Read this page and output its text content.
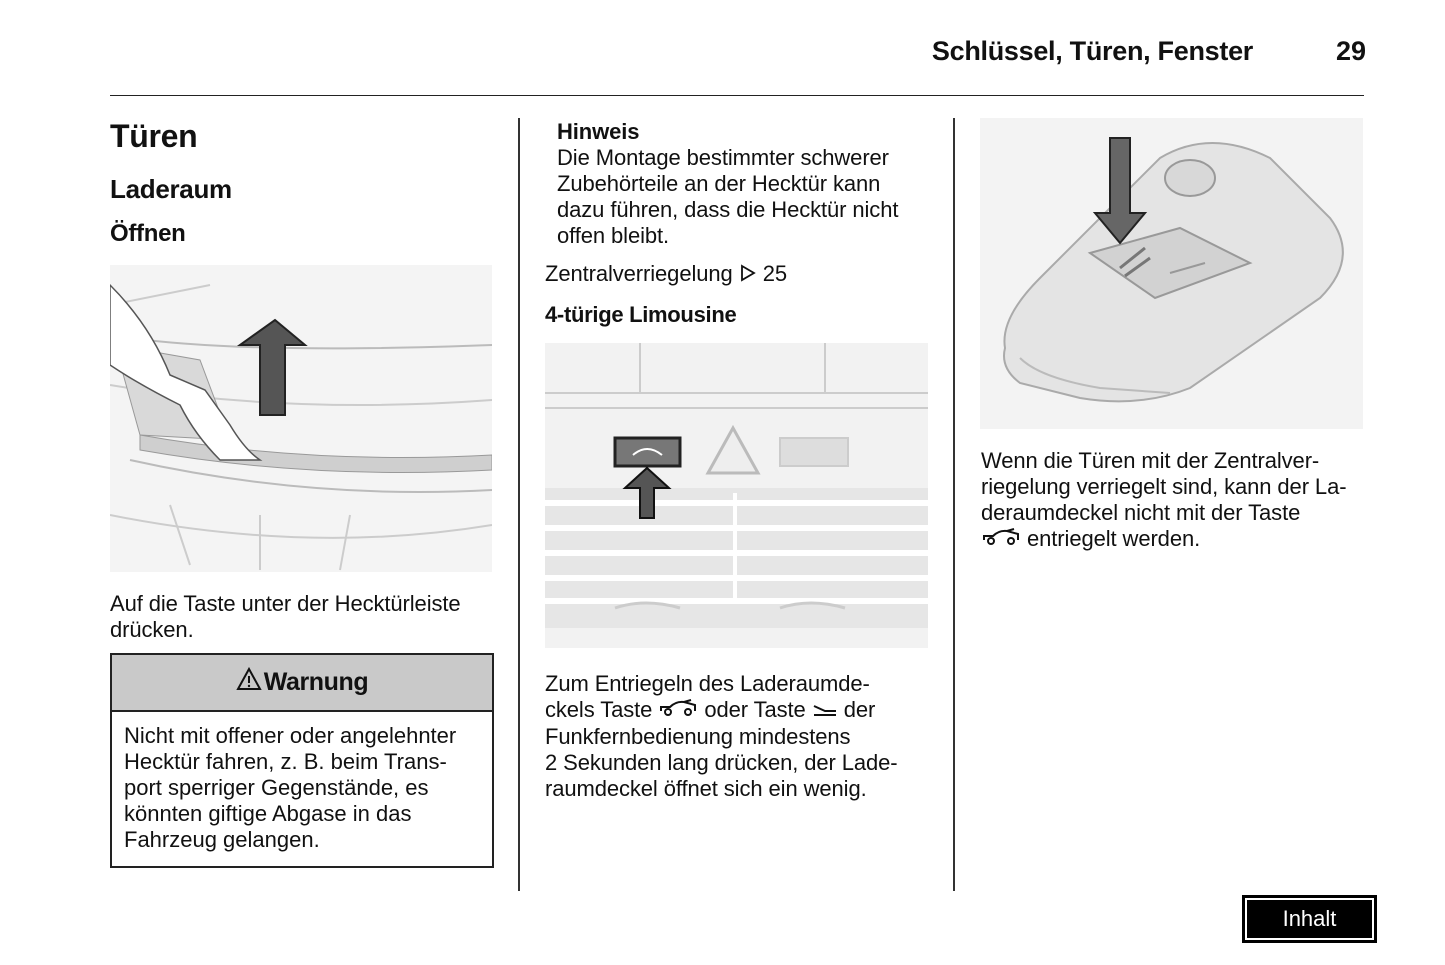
Schlüssel, Türen, Fenster	29
Türen
Laderaum
Öffnen
Auf die Taste unter der Hecktürleiste
drücken.
Warnung
Nicht mit offener oder angelehnter
Hecktür fahren, z. B. beim Trans-
port sperriger Gegenstände, es
könnten giftige Abgase in das
Fahrzeug gelangen.
Hinweis
Die Montage bestimmter schwerer
Zubehörteile an der Hecktür kann
dazu führen, dass die Hecktür nicht
offen bleibt.
Zentralverriegelung 25
4-türige Limousine
Zum Entriegeln des Laderaumde-
ckels Taste oder Taste der
Funkfernbedienung mindestens
2 Sekunden lang drücken, der Lade-
raumdeckel öffnet sich ein wenig.
Wenn die Türen mit der Zentralver-
riegelung verriegelt sind, kann der La-
deraumdeckel nicht mit der Taste
entriegelt werden.
Inhalt
